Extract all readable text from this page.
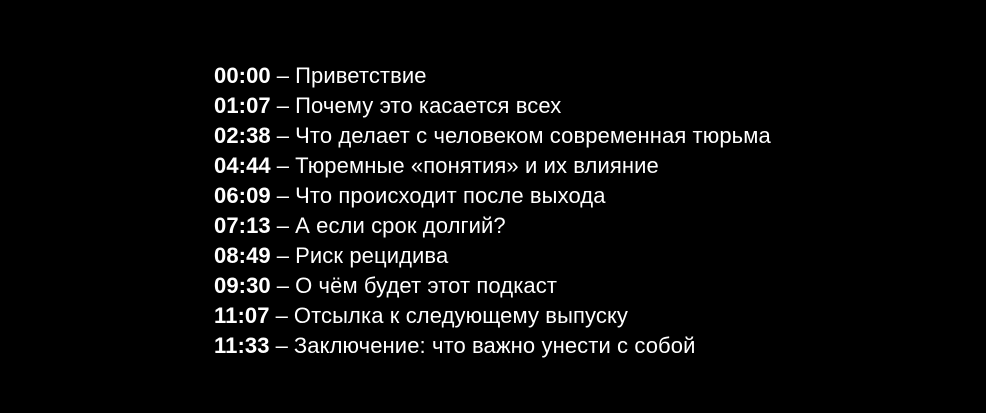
00:00 – Приветствие
01:07 – Почему это касается всех
02:38 – Что делает с человеком современная тюрьма
04:44 – Тюремные «понятия» и их влияние
06:09 – Что происходит после выхода
07:13 – А если срок долгий?
08:49 – Риск рецидива
09:30 – О чём будет этот подкаст
11:07 – Отсылка к следующему выпуску
11:33 – Заключение: что важно унести с собой
